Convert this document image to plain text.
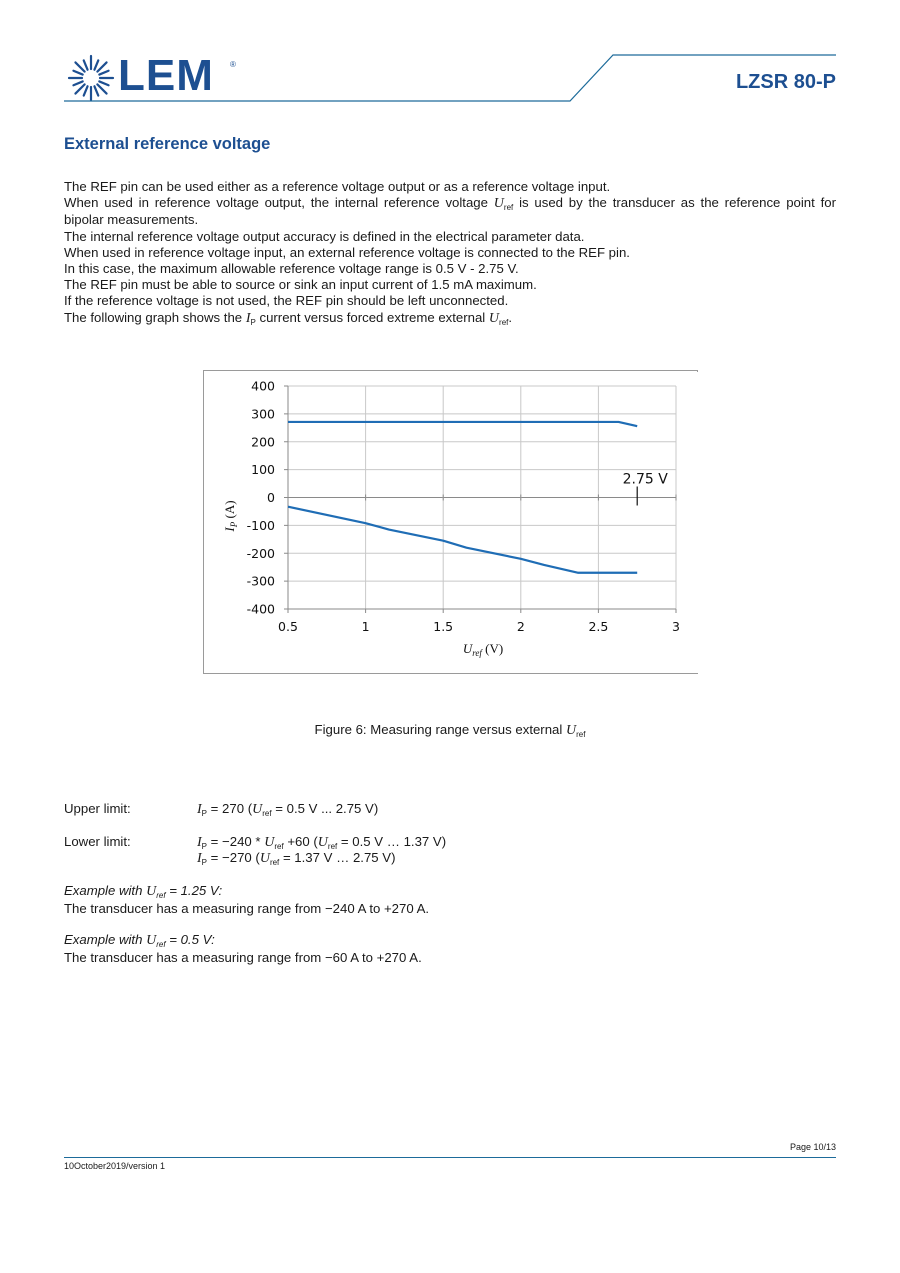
LEM ®
LZSR 80-P
External reference voltage

The REF pin can be used either as a reference voltage output or as a reference voltage input.

When used in reference voltage output, the internal reference voltage $U_{ref}$ is used by the transducer as the reference point for bipolar measurements.

The internal reference voltage output accuracy is defined in the electrical parameter data.

When used in reference voltage input, an external reference voltage is connected to the REF pin.

In this case, the maximum allowable reference voltage range is 0.5 V - 2.75 V.

The REF pin must be able to source or sink an input current of 1.5 mA maximum.

If the reference voltage is not used, the REF pin should be left unconnected.

The following graph shows the $I_P$ current versus forced extreme external $U_{ref}$.

400
300
200
100
0
-100
-200
-300
-400
0.5	1	1.5	2	2.5	3
2.75 V
$I_P$ (A)
$U_{ref}$ (V)
Figure 6: Measuring range versus external $U_{ref}$
Upper limit:	$I_P = 270$ ($U_{ref} = 0.5$ V ... 2.75 V)
Lower limit:	$I_P = -240 * U_{ref} +60$ ($U_{ref} = 0.5$ V … 1.37 V)
$I_P = -270$ ($U_{ref} = 1.37$ V … 2.75 V)
Example with $U_{ref} = 1.25$ V:
The transducer has a measuring range from −240 A to +270 A.
Example with $U_{ref} = 0.5$ V:
The transducer has a measuring range from −60 A to +270 A.
Page 10/13
10October2019/version 1
